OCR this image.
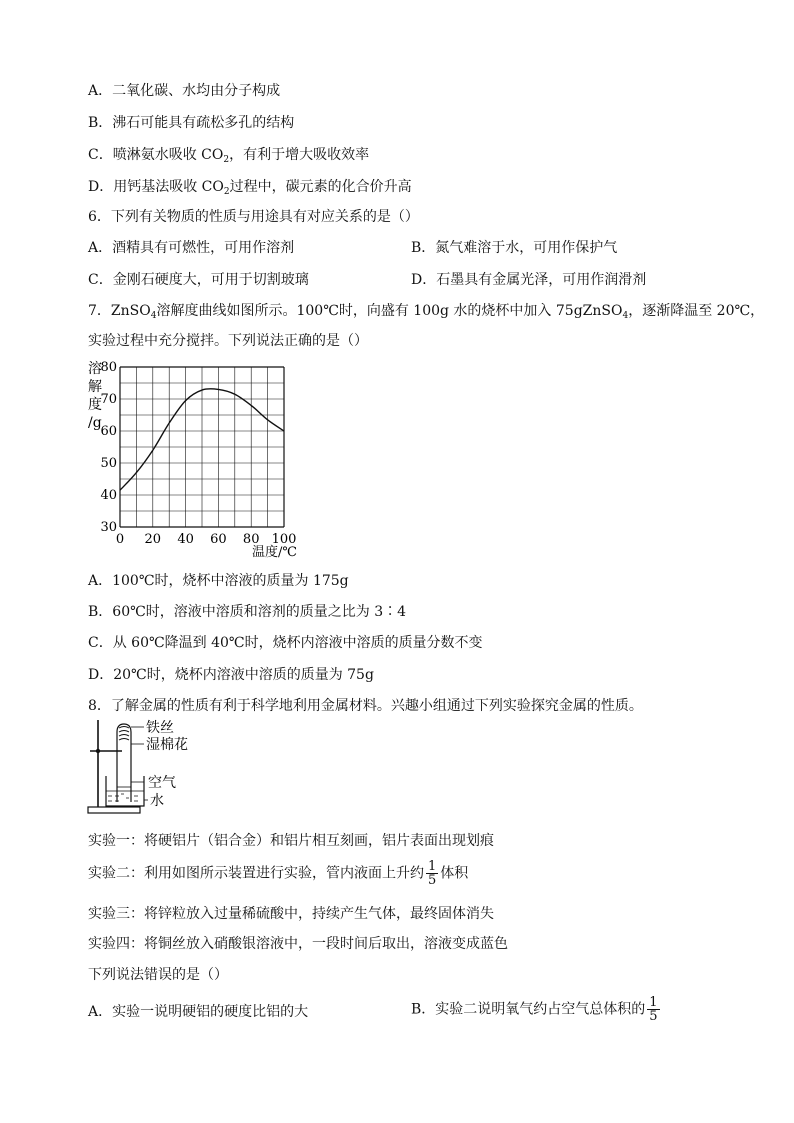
A．二氧化碳、水均由分子构成
B．沸石可能具有疏松多孔的结构
C．喷淋氨水吸收 $CO_2$，有利于增大吸收效率
D．用钙基法吸收 $CO_2$过程中，碳元素的化合价升高
6．下列有关物质的性质与用途具有对应关系的是（）
A．酒精具有可燃性，可用作溶剂	B．氮气难溶于水，可用作保护气
C．金刚石硬度大，可用于切割玻璃	D．石墨具有金属光泽，可用作润滑剂
7．ZnSO$_4$溶解度曲线如图所示。100℃时，向盛有 100g 水的烧杯中加入 75gZnSO$_4$，逐渐降温至 20℃，
实验过程中充分搅拌。下列说法正确的是（）
30
40
50
60
70
80
0 20 40 60 80 100
溶
解
度
/g
温度/℃
A．100℃时，烧杯中溶液的质量为 175g
B．60℃时，溶液中溶质和溶剂的质量之比为 3∶4
C．从 60℃降温到 40℃时，烧杯内溶液中溶质的质量分数不变
D．20℃时，烧杯内溶液中溶质的质量为 75g
8．了解金属的性质有利于科学地利用金属材料。兴趣小组通过下列实验探究金属的性质。
铁丝
湿棉花
空气
水
实验一：将硬铝片（铝合金）和铝片相互刻画，铝片表面出现划痕
实验二：利用如图所示装置进行实验，管内液面上升约 $\frac{1}{5}$ 体积
实验三：将锌粒放入过量稀硫酸中，持续产生气体，最终固体消失
实验四：将铜丝放入硝酸银溶液中，一段时间后取出，溶液变成蓝色
下列说法错误的是（）
A．实验一说明硬铝的硬度比铝的大	B．实验二说明氧气约占空气总体积的 $\frac{1}{5}$
